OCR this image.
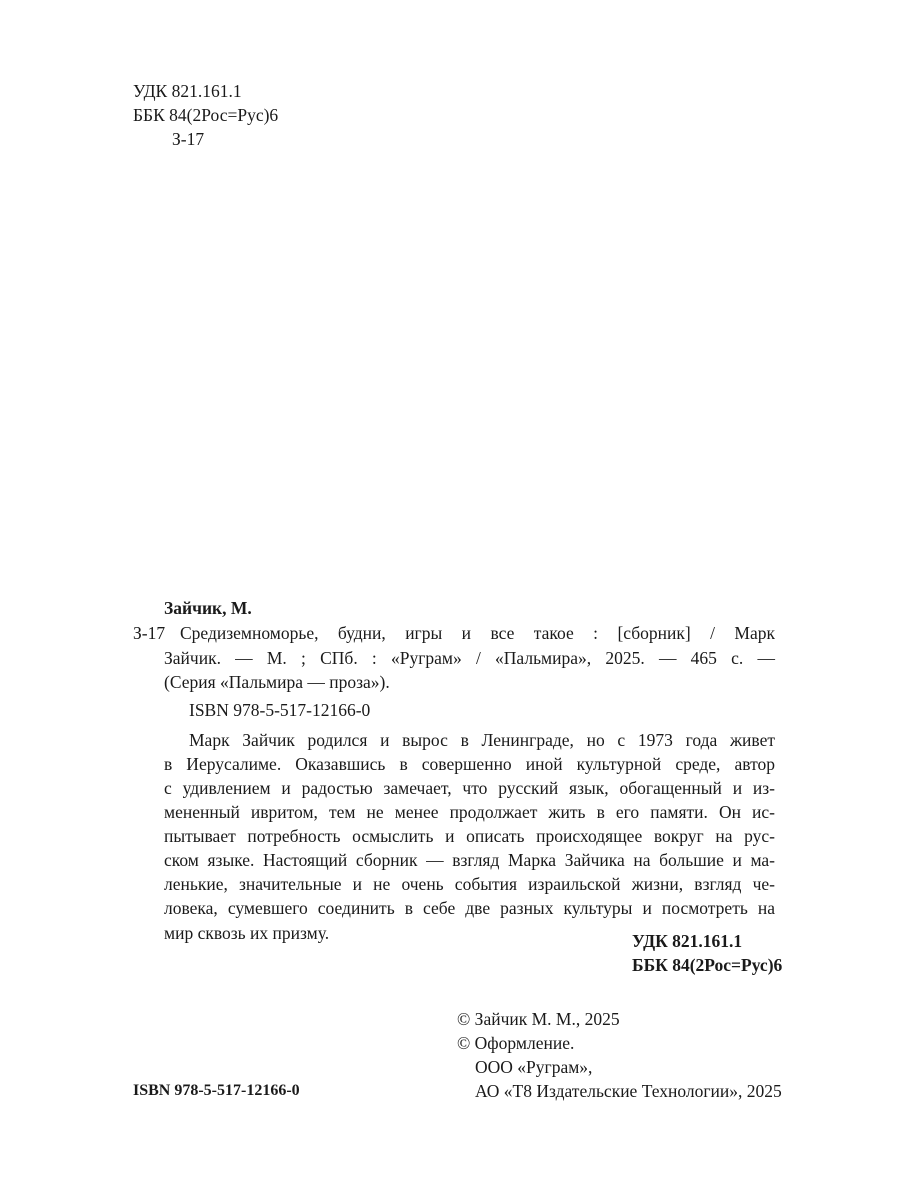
УДК 821.161.1
ББК 84(2Рос=Рус)6
З-17
Зайчик, М.
З-17 Средиземноморье, будни, игры и все такое : [сборник] / Марк
Зайчик. — М. ; СПб. : «Руграм» / «Пальмира», 2025. — 465 с. —
(Серия «Пальмира — проза»).
ISBN 978-5-517-12166-0
Марк Зайчик родился и вырос в Ленинграде, но с 1973 года живет
в Иерусалиме. Оказавшись в совершенно иной культурной среде, автор
с удивлением и радостью замечает, что русский язык, обогащенный и из-
мененный ивритом, тем не менее продолжает жить в его памяти. Он ис-
пытывает потребность осмыслить и описать происходящее вокруг на рус-
ском языке. Настоящий сборник — взгляд Марка Зайчика на большие и ма-
ленькие, значительные и не очень события израильской жизни, взгляд че-
ловека, сумевшего соединить в себе две разных культуры и посмотреть на
мир сквозь их призму.	УДК 821.161.1
ББК 84(2Рос=Рус)6
© Зайчик М. М., 2025
© Оформление.
ООО «Руграм»,
АО «Т8 Издательские Технологии», 2025
ISBN 978-5-517-12166-0
